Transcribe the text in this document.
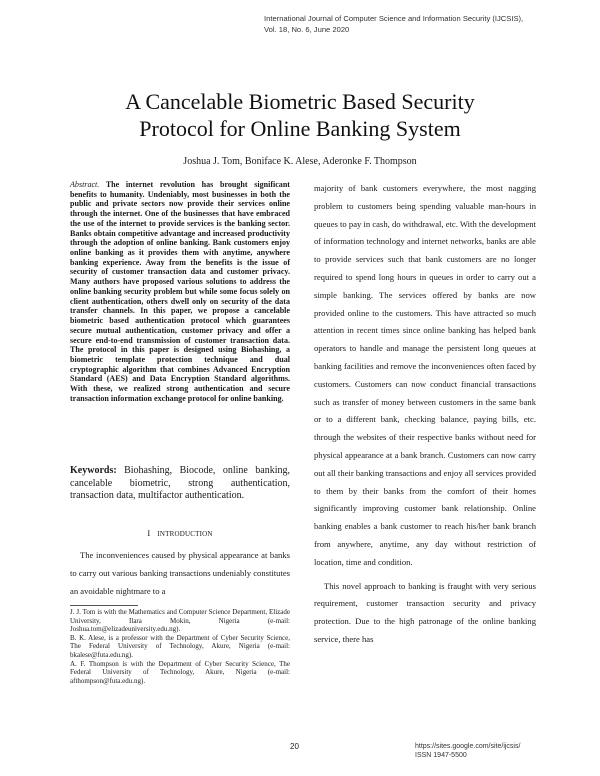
International Journal of Computer Science and Information Security (IJCSIS),
Vol. 18, No. 6, June 2020
A Cancelable Biometric Based Security
Protocol for Online Banking System
Joshua J. Tom, Boniface K. Alese, Aderonke F. Thompson
Abstract. The internet revolution has brought significant benefits to humanity. Undeniably, most businesses in both the public and private sectors now provide their services online through the internet. One of the businesses that have embraced the use of the internet to provide services is the banking sector. Banks obtain competitive advantage and increased productivity through the adoption of online banking. Bank customers enjoy online banking as it provides them with anytime, anywhere banking experience. Away from the benefits is the issue of security of customer transaction data and customer privacy. Many authors have proposed various solutions to address the online banking security problem but while some focus solely on client authentication, others dwell only on security of the data transfer channels. In this paper, we propose a cancelable biometric based authentication protocol which guarantees secure mutual authentication, customer privacy and offer a secure end-to-end transmission of customer transaction data. The protocol in this paper is designed using Biohashing, a biometric template protection technique and dual cryptographic algorithm that combines Advanced Encryption Standard (AES) and Data Encryption Standard algorithms. With these, we realized strong authentication and secure transaction information exchange protocol for online banking.
Keywords: Biohashing, Biocode, online banking, cancelable biometric, strong authentication, transaction data, multifactor authentication.
I INTRODUCTION
The inconveniences caused by physical appearance at banks to carry out various banking transactions undeniably constitutes an avoidable nightmare to a

J. J. Tom is with the Mathematics and Computer Science Department, Elizade University, Ilara Mokin, Nigeria (e-mail: Joshua.tom@elizadeuniversity.edu.ng).

B. K. Alese, is a professor with the Department of Cyber Security Science, The Federal University of Technology, Akure, Nigeria (e-mail: bkalese@futa.edu.ng).

A. F. Thompson is with the Department of Cyber Security Science, The Federal University of Technology, Akure, Nigeria (e-mail: afthompson@futa.edu.ng).

majority of bank customers everywhere, the most nagging problem to customers being spending valuable man-hours in queues to pay in cash, do withdrawal, etc. With the development of information technology and internet networks, banks are able to provide services such that bank customers are no longer required to spend long hours in queues in order to carry out a simple banking. The services offered by banks are now provided online to the customers. This have attracted so much attention in recent times since online banking has helped bank operators to handle and manage the persistent long queues at banking facilities and remove the inconveniences often faced by customers. Customers can now conduct financial transactions such as transfer of money between customers in the same bank or to a different bank, checking balance, paying bills, etc. through the websites of their respective banks without need for physical appearance at a bank branch. Customers can now carry out all their banking transactions and enjoy all services provided to them by their banks from the comfort of their homes significantly improving customer bank relationship. Online banking enables a bank customer to reach his/her bank branch from anywhere, anytime, any day without restriction of location, time and condition.

This novel approach to banking is fraught with very serious requirement, customer transaction security and privacy protection. Due to the high patronage of the online banking service, there has

20	https://sites.google.com/site/ijcsis/
ISSN 1947-5500
